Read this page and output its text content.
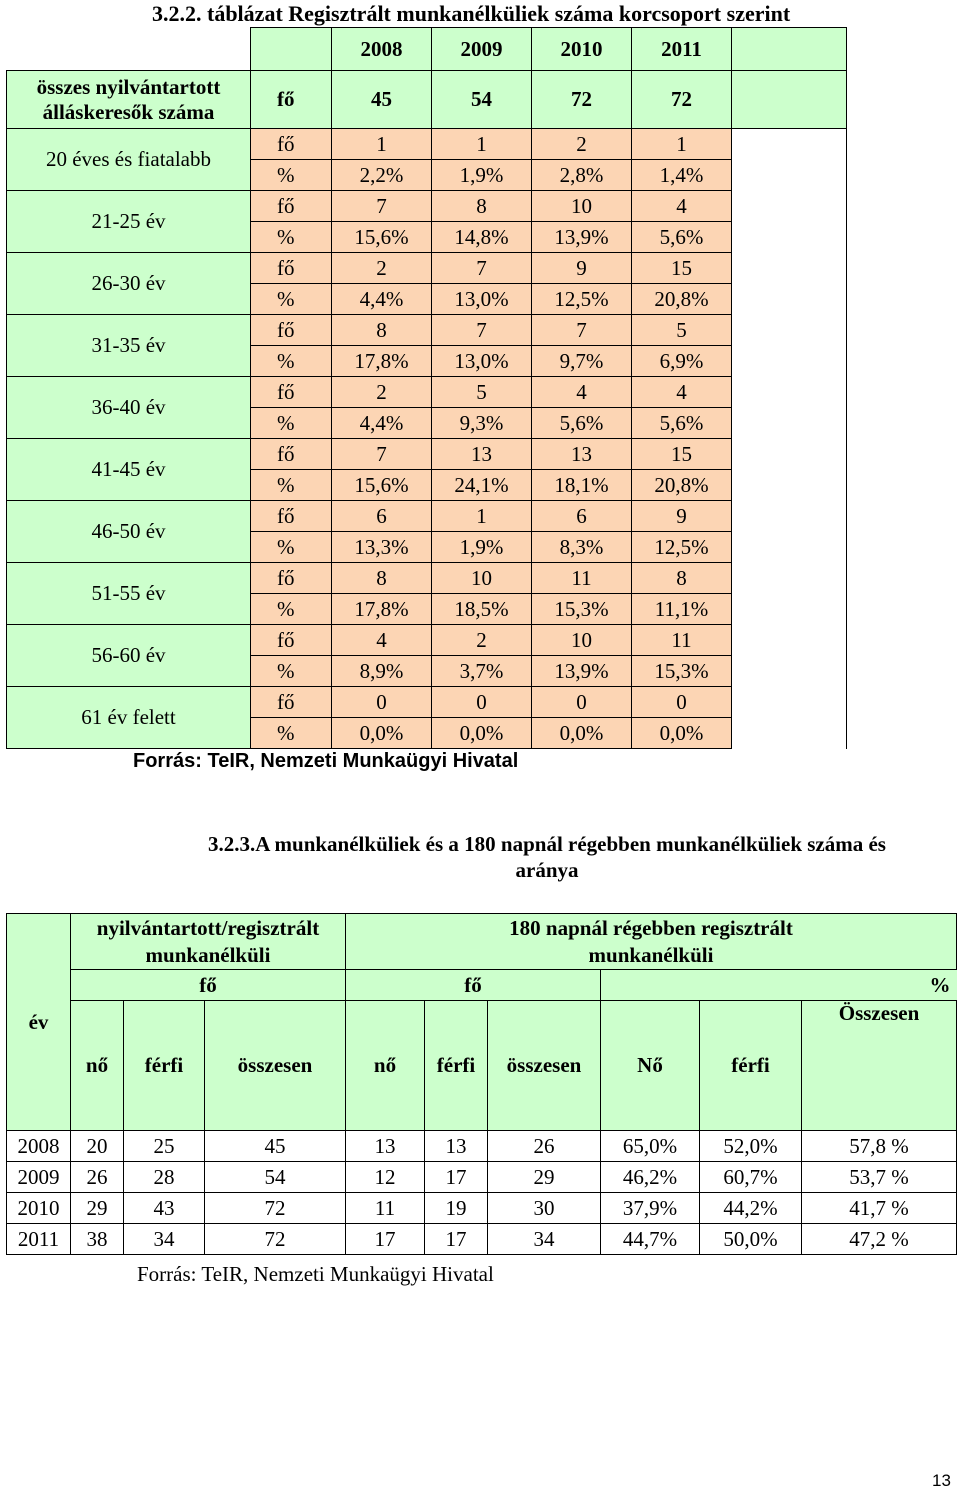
3.2.2. táblázat Regisztrált munkanélküliek száma korcsoport szerint
		2008	2009	2010	2011	
összes nyilvántartott
álláskeresők száma	fő	45	54	72	72	
20 éves és fiatalabb	fő	1	1	2	1	
	%	2,2%	1,9%	2,8%	1,4%	
21-25 év	fő	7	8	10	4	
	%	15,6%	14,8%	13,9%	5,6%	
26-30 év	fő	2	7	9	15	
	%	4,4%	13,0%	12,5%	20,8%	
31-35 év	fő	8	7	7	5	
	%	17,8%	13,0%	9,7%	6,9%	
36-40 év	fő	2	5	4	4	
	%	4,4%	9,3%	5,6%	5,6%	
41-45 év	fő	7	13	13	15	
	%	15,6%	24,1%	18,1%	20,8%	
46-50 év	fő	6	1	6	9	
	%	13,3%	1,9%	8,3%	12,5%	
51-55 év	fő	8	10	11	8	
	%	17,8%	18,5%	15,3%	11,1%	
56-60 év	fő	4	2	10	11	
	%	8,9%	3,7%	13,9%	15,3%	
61 év felett	fő	0	0	0	0	
	%	0,0%	0,0%	0,0%	0,0%	
Forrás: TeIR, Nemzeti Munkaügyi Hivatal
3.2.3.A munkanélküliek és a 180 napnál régebben munkanélküliek száma és
aránya
év	nyilvántartott/regisztrált
munkanélküli			180 napnál régebben regisztrált
munkanélküli					
	fő			fő			%		
	nő	férfi	összesen	nő	férfi	összesen	Nő	férfi	Összesen
2008	20	25	45	13	13	26	65,0%	52,0%	57,8 %
2009	26	28	54	12	17	29	46,2%	60,7%	53,7 %
2010	29	43	72	11	19	30	37,9%	44,2%	41,7 %
2011	38	34	72	17	17	34	44,7%	50,0%	47,2 %
Forrás: TeIR, Nemzeti Munkaügyi Hivatal
13
